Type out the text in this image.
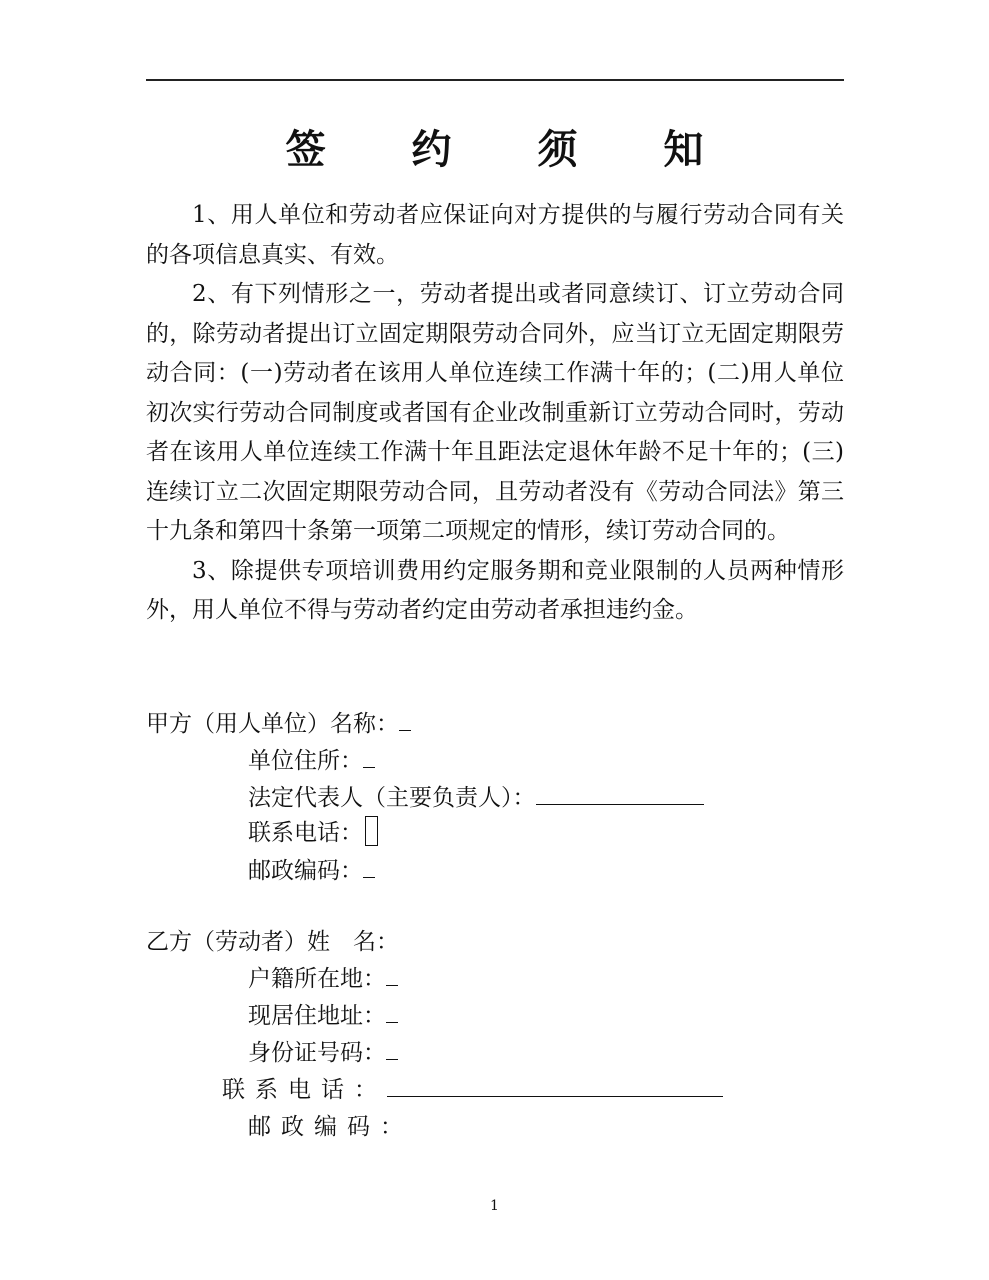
签 约 须 知

1、用人单位和劳动者应保证向对方提供的与履行劳动合同有关的各项信息真实、有效。

2、有下列情形之一，劳动者提出或者同意续订、订立劳动合同的，除劳动者提出订立固定期限劳动合同外，应当订立无固定期限劳动合同：(一)劳动者在该用人单位连续工作满十年的；(二)用人单位初次实行劳动合同制度或者国有企业改制重新订立劳动合同时，劳动者在该用人单位连续工作满十年且距法定退休年龄不足十年的；(三)连续订立二次固定期限劳动合同，且劳动者没有《劳动合同法》第三十九条和第四十条第一项第二项规定的情形，续订劳动合同的。

3、除提供专项培训费用约定服务期和竞业限制的人员两种情形外，用人单位不得与劳动者约定由劳动者承担违约金。

甲方（用人单位）名称：
单位住所：
法定代表人（主要负责人）：
联系电话：
邮政编码：
乙方（劳动者）姓　名：
户籍所在地：
现居住地址：
身份证号码：
联系电话：
邮政编码：
1
